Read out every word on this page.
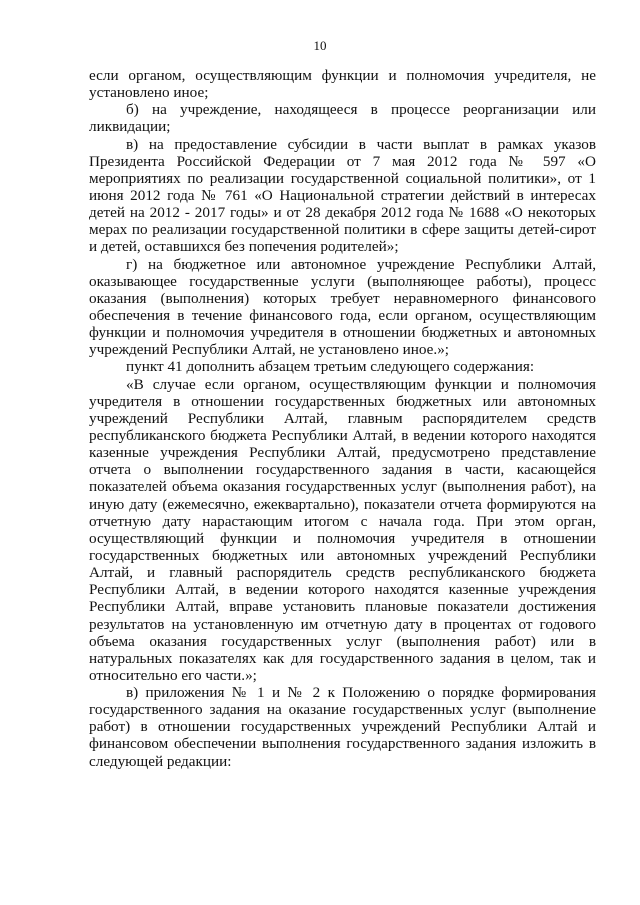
10
если органом, осуществляющим функции и полномочия учредителя, не
установлено иное;
б) на учреждение, находящееся в процессе реорганизации или
ликвидации;
в) на предоставление субсидии в части выплат в рамках указов
Президента Российской Федерации от 7 мая 2012 года № 597 «О
мероприятиях по реализации государственной социальной политики», от 1
июня 2012 года № 761 «О Национальной стратегии действий в интересах
детей на 2012 - 2017 годы» и от 28 декабря 2012 года № 1688 «О некоторых
мерах по реализации государственной политики в сфере защиты детей-сирот
и детей, оставшихся без попечения родителей»;
г) на бюджетное или автономное учреждение Республики Алтай,
оказывающее государственные услуги (выполняющее работы), процесс
оказания (выполнения) которых требует неравномерного финансового
обеспечения в течение финансового года, если органом, осуществляющим
функции и полномочия учредителя в отношении бюджетных и автономных
учреждений Республики Алтай, не установлено иное.»;
пункт 41 дополнить абзацем третьим следующего содержания:
«В случае если органом, осуществляющим функции и полномочия
учредителя в отношении государственных бюджетных или автономных
учреждений Республики Алтай, главным распорядителем средств
республиканского бюджета Республики Алтай, в ведении которого находятся
казенные учреждения Республики Алтай, предусмотрено представление
отчета о выполнении государственного задания в части, касающейся
показателей объема оказания государственных услуг (выполнения работ), на
иную дату (ежемесячно, ежеквартально), показатели отчета формируются на
отчетную дату нарастающим итогом с начала года. При этом орган,
осуществляющий функции и полномочия учредителя в отношении
государственных бюджетных или автономных учреждений Республики
Алтай, и главный распорядитель средств республиканского бюджета
Республики Алтай, в ведении которого находятся казенные учреждения
Республики Алтай, вправе установить плановые показатели достижения
результатов на установленную им отчетную дату в процентах от годового
объема оказания государственных услуг (выполнения работ) или в
натуральных показателях как для государственного задания в целом, так и
относительно его части.»;
в) приложения № 1 и № 2 к Положению о порядке формирования
государственного задания на оказание государственных услуг (выполнение
работ) в отношении государственных учреждений Республики Алтай и
финансовом обеспечении выполнения государственного задания изложить в
следующей редакции:
